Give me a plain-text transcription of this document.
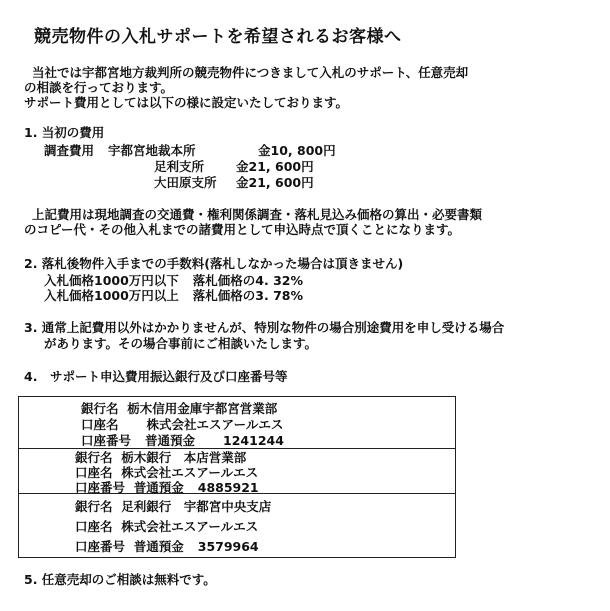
競売物件の入札サポートを希望されるお客様へ
当社では宇都宮地方裁判所の競売物件につきまして入札のサポート、任意売却
の相談を行っております。
サポート費用としては以下の様に設定いたしております。
1. 当初の費用
調査費用 宇都宮地裁本所	金10, 800円
足利支所	金21, 600円
大田原支所 金21, 600円
上記費用は現地調査の交通費・権利関係調査・落札見込み価格の算出・必要書類
のコピー代・その他入札までの諸費用として申込時点で頂くことになります。
2. 落札後物件入手までの手数料(落札しなかった場合は頂きません)
入札価格1000万円以下 落札価格の4. 32%
入札価格1000万円以上 落札価格の3. 78%
3. 通常上記費用以外はかかりませんが、特別な物件の場合別途費用を申し受ける場合
があります。その場合事前にご相談いたします。
4.　サポート申込費用振込銀行及び口座番号等
銀行名 栃木信用金庫宇都宮営業部
口座名 株式会社エスアールエス
口座番号 普通預金 1241244
銀行名 栃木銀行　本店営業部
口座名 株式会社エスアールエス
口座番号 普通預金 4885921
銀行名 足利銀行　宇都宮中央支店
口座名 株式会社エスアールエス
口座番号 普通預金 3579964
5. 任意売却のご相談は無料です。
